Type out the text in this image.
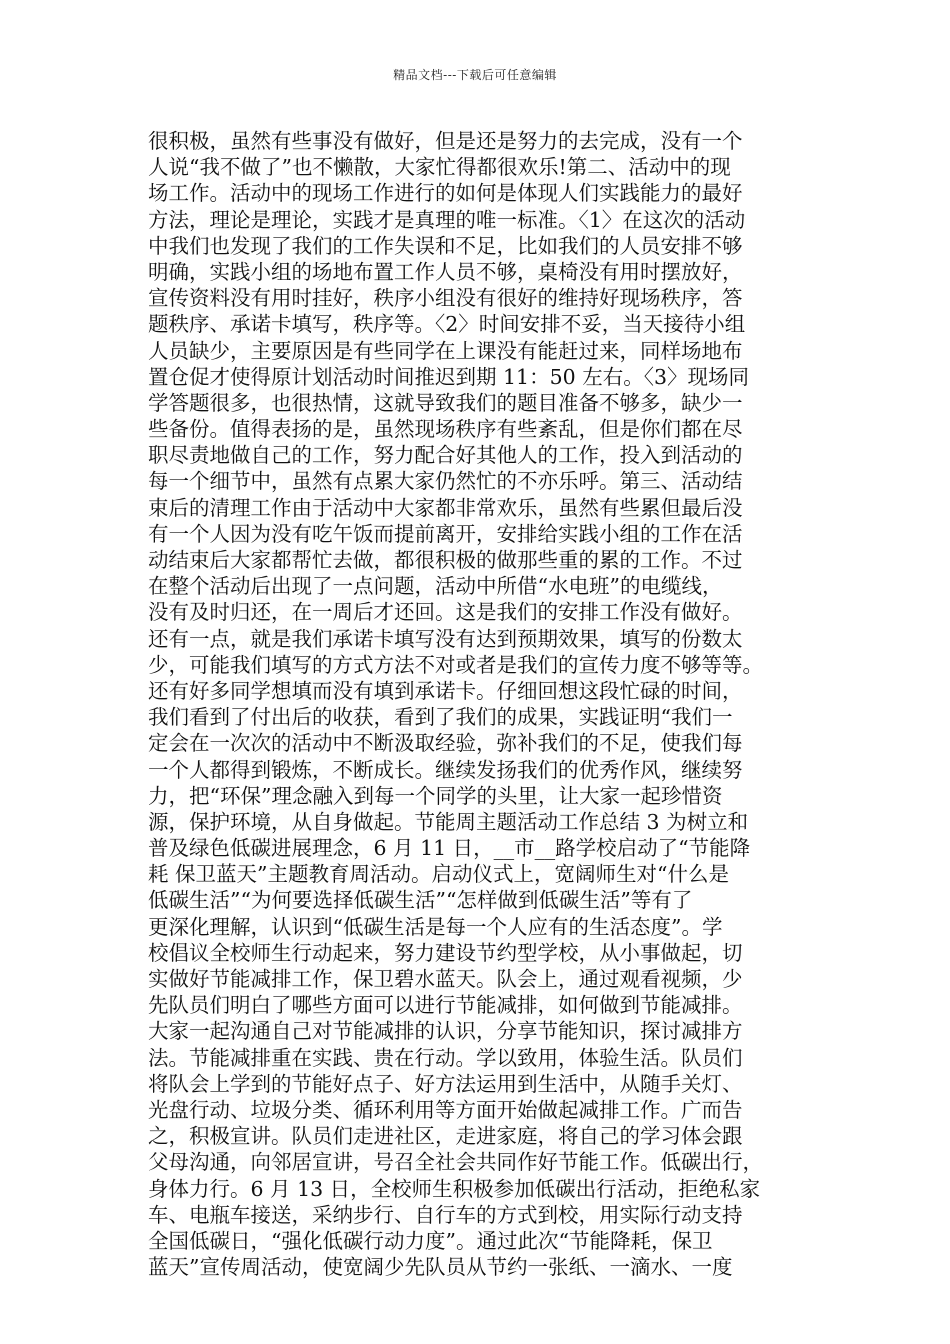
精品文档---下载后可任意编辑
很积极，虽然有些事没有做好，但是还是努力的去完成，没有一个
人说“我不做了”也不懒散，大家忙得都很欢乐!第二、活动中的现
场工作。活动中的现场工作进行的如何是体现人们实践能力的最好
方法，理论是理论，实践才是真理的唯一标准。〈1〉在这次的活动
中我们也发现了我们的工作失误和不足，比如我们的人员安排不够
明确，实践小组的场地布置工作人员不够，桌椅没有用时摆放好，
宣传资料没有用时挂好，秩序小组没有很好的维持好现场秩序，答
题秩序、承诺卡填写，秩序等。〈2〉时间安排不妥，当天接待小组
人员缺少，主要原因是有些同学在上课没有能赶过来，同样场地布
置仓促才使得原计划活动时间推迟到期 11：50 左右。〈3〉现场同
学答题很多，也很热情，这就导致我们的题目准备不够多，缺少一
些备份。值得表扬的是，虽然现场秩序有些紊乱，但是你们都在尽
职尽责地做自己的工作，努力配合好其他人的工作，投入到活动的
每一个细节中，虽然有点累大家仍然忙的不亦乐呼。第三、活动结
束后的清理工作由于活动中大家都非常欢乐，虽然有些累但最后没
有一个人因为没有吃午饭而提前离开，安排给实践小组的工作在活
动结束后大家都帮忙去做，都很积极的做那些重的累的工作。不过
在整个活动后出现了一点问题，活动中所借“水电班”的电缆线，
没有及时归还，在一周后才还回。这是我们的安排工作没有做好。
还有一点，就是我们承诺卡填写没有达到预期效果，填写的份数太
少，可能我们填写的方式方法不对或者是我们的宣传力度不够等等。
还有好多同学想填而没有填到承诺卡。仔细回想这段忙碌的时间，
我们看到了付出后的收获，看到了我们的成果，实践证明“我们一
定会在一次次的活动中不断汲取经验，弥补我们的不足，使我们每
一个人都得到锻炼，不断成长。继续发扬我们的优秀作风，继续努
力，把“环保”理念融入到每一个同学的头里，让大家一起珍惜资
源，保护环境，从自身做起。节能周主题活动工作总结 3 为树立和
普及绿色低碳进展理念，6 月 11 日，__市__路学校启动了“节能降
耗 保卫蓝天”主题教育周活动。启动仪式上，宽阔师生对“什么是
低碳生活”“为何要选择低碳生活”“怎样做到低碳生活”等有了
更深化理解，认识到“低碳生活是每一个人应有的生活态度”。学
校倡议全校师生行动起来，努力建设节约型学校，从小事做起，切
实做好节能减排工作，保卫碧水蓝天。队会上，通过观看视频，少
先队员们明白了哪些方面可以进行节能减排，如何做到节能减排。
大家一起沟通自己对节能减排的认识，分享节能知识，探讨减排方
法。节能减排重在实践、贵在行动。学以致用，体验生活。队员们
将队会上学到的节能好点子、好方法运用到生活中，从随手关灯、
光盘行动、垃圾分类、循环利用等方面开始做起减排工作。广而告
之，积极宣讲。队员们走进社区，走进家庭，将自己的学习体会跟
父母沟通，向邻居宣讲，号召全社会共同作好节能工作。低碳出行，
身体力行。6 月 13 日，全校师生积极参加低碳出行活动，拒绝私家
车、电瓶车接送，采纳步行、自行车的方式到校，用实际行动支持
全国低碳日，“强化低碳行动力度”。通过此次“节能降耗，保卫
蓝天”宣传周活动，使宽阔少先队员从节约一张纸、一滴水、一度
